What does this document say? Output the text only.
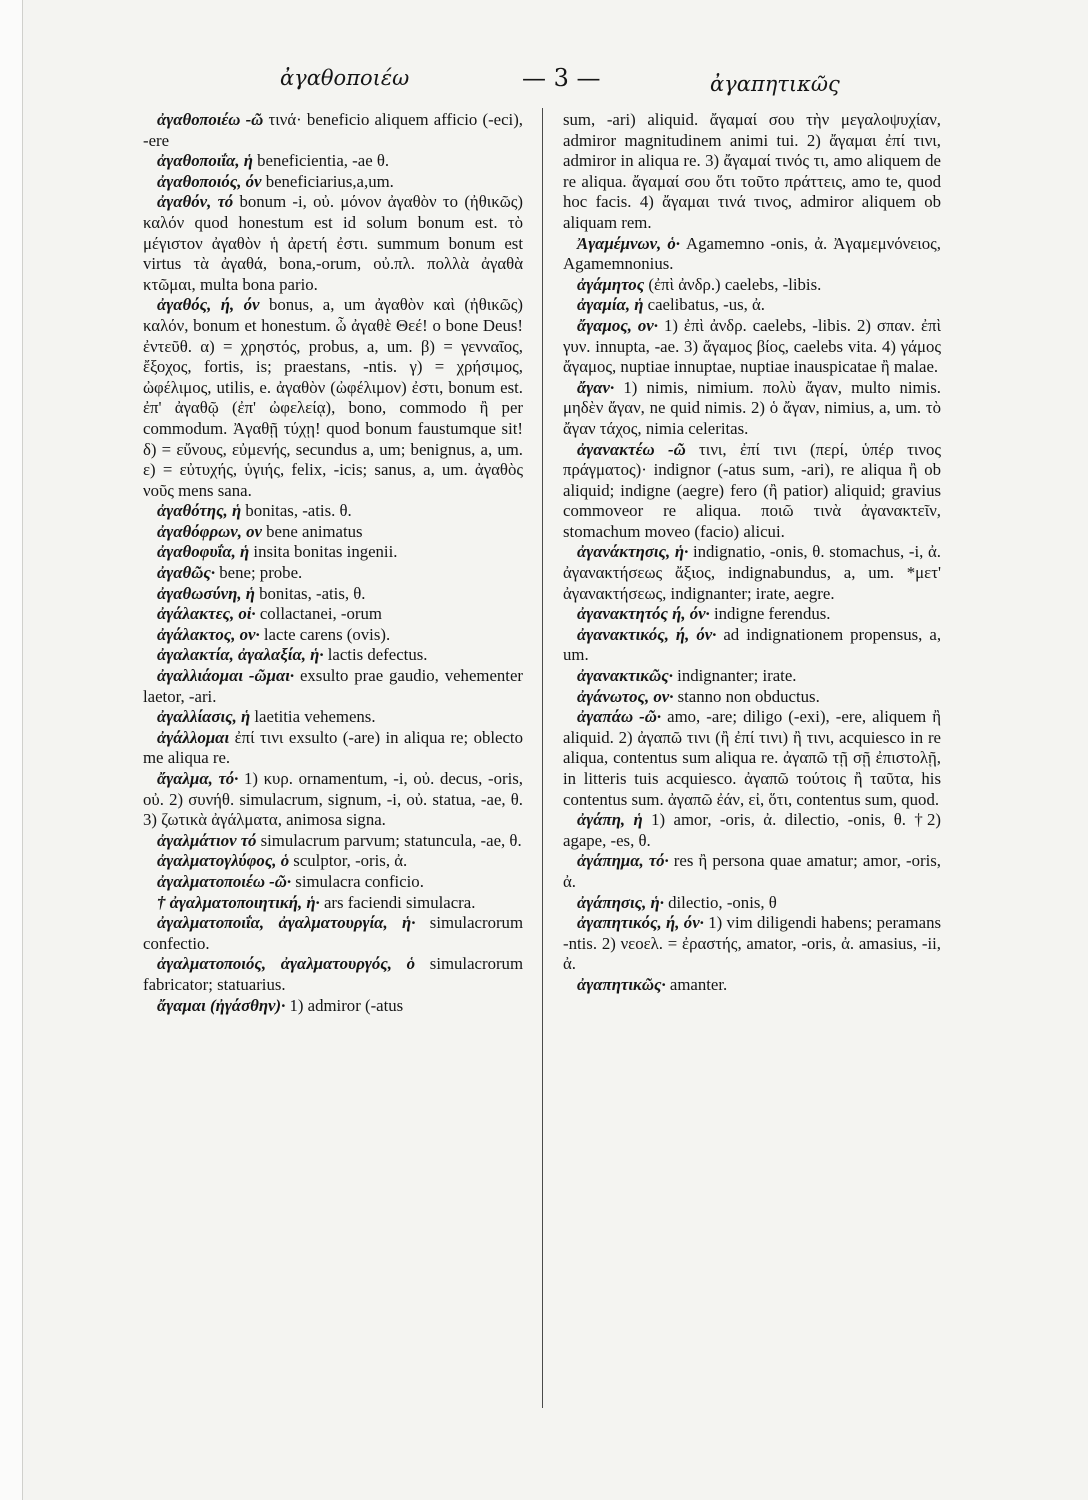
ἀγαθοποιέω	— 3 —	ἀγαπητικῶς

ἀγαθοποιέω -ῶ τινά· beneficio aliquem afficio (-eci), -ere

ἀγαθοποιΐα, ἡ beneficientia, -ae θ.

ἀγαθοποιός, όν beneficiarius,a,um.

ἀγαθόν, τό bonum -i, οὐ. μόνον ἀγαθὸν το (ἠθικῶς) καλόν quod honestum est id solum bonum est. τὸ μέγιστον ἀγαθὸν ἡ ἀρετή ἐστι. summum bonum est virtus τὰ ἀγαθά, bona,-orum, οὐ.πλ. πολλὰ ἀγαθὰ κτῶμαι, multa bona pario.

ἀγαθός, ή, όν bonus, a, um ἀγαθὸν καὶ (ἠθικῶς) καλόν, bonum et honestum. ὦ ἀγαθὲ Θεέ! o bone Deus! ἐντεῦθ. α) = χρηστός, probus, a, um. β) = γενναῖος, ἔξοχος, fortis, is; praestans, -ntis. γ) = χρήσιμος, ὠφέλιμος, utilis, e. ἀγαθὸν (ὠφέλιμον) ἐστι, bonum est. ἐπ' ἀγαθῷ (ἐπ' ὠφελείᾳ), bono, commodo ἢ per commodum. Ἀγαθῇ τύχῃ! quod bonum faustumque sit! δ) = εὔνους, εὐμενής, secundus a, um; benignus, a, um. ε) = εὐτυχής, ὑγιής, felix, -icis; sanus, a, um. ἀγαθὸς νοῦς mens sana.

ἀγαθότης, ἡ bonitas, -atis. θ.

ἀγαθόφρων, ον bene animatus

ἀγαθοφυΐα, ἡ insita bonitas ingenii.

ἀγαθῶς· bene; probe.

ἀγαθωσύνη, ἡ bonitas, -atis, θ.

ἀγάλακτες, οἱ· collactanei, -orum

ἀγάλακτος, ον· lacte carens (ovis).

ἀγαλακτία, ἀγαλαξία, ἡ· lactis defectus.

ἀγαλλιάομαι -ῶμαι· exsulto prae gaudio, vehementer laetor, -ari.

ἀγαλλίασις, ἡ laetitia vehemens.

ἀγάλλομαι ἐπί τινι exsulto (-are) in aliqua re; oblecto me aliqua re.

ἄγαλμα, τό· 1) κυρ. ornamentum, -i, οὐ. decus, -oris, οὐ. 2) συνήθ. simulacrum, signum, -i, οὐ. statua, -ae, θ. 3) ζωτικὰ ἀγάλματα, animosa signa.

ἀγαλμάτιον τό simulacrum parvum; statuncula, -ae, θ.

ἀγαλματογλύφος, ὁ sculptor, -oris, ἀ.

ἀγαλματοποιέω -ῶ· simulacra conficio.

† ἀγαλματοποιητική, ἡ· ars faciendi simulacra.

ἀγαλματοποιΐα, ἀγαλματουργία, ἡ· simulacrorum confectio.

ἀγαλματοποιός, ἀγαλματουργός, ὁ simulacrorum fabricator; statuarius.

ἄγαμαι (ἠγάσθην)· 1) admiror (-atus

sum, -ari) aliquid. ἄγαμαί σου τὴν μεγαλοψυχίαν, admiror magnitudinem animi tui. 2) ἄγαμαι ἐπί τινι, admiror in aliqua re. 3) ἄγαμαί τινός τι, amo aliquem de re aliqua. ἄγαμαί σου ὅτι τοῦτο πράττεις, amo te, quod hoc facis. 4) ἄγαμαι τινά τινος, admiror aliquem ob aliquam rem.

Ἀγαμέμνων, ὁ· Agamemno -onis, ἀ. Ἀγαμεμνόνειος, Agamemnonius.

ἀγάμητος (ἐπὶ ἀνδρ.) caelebs, -libis.

ἀγαμία, ἡ caelibatus, -us, ἀ.

ἄγαμος, ον· 1) ἐπὶ ἀνδρ. caelebs, -libis. 2) σπαν. ἐπὶ γυν. innupta, -ae. 3) ἄγαμος βίος, caelebs vita. 4) γάμος ἄγαμος, nuptiae innuptae, nuptiae inauspicatae ἢ malae.

ἄγαν· 1) nimis, nimium. πολὺ ἄγαν, multo nimis. μηδὲν ἄγαν, ne quid nimis. 2) ὁ ἄγαν, nimius, a, um. τὸ ἄγαν τάχος, nimia celeritas.

ἀγανακτέω -ῶ τινι, ἐπί τινι (περί, ὑπέρ τινος πράγματος)· indignor (-atus sum, -ari), re aliqua ἢ ob aliquid; indigne (aegre) fero (ἢ patior) aliquid; gravius commoveor re aliqua. ποιῶ τινὰ ἀγανακτεῖν, stomachum moveo (facio) alicui.

ἀγανάκτησις, ἡ· indignatio, -onis, θ. stomachus, -i, ἀ. ἀγανακτήσεως ἄξιος, indignabundus, a, um. *μετ' ἀγανακτήσεως, indignanter; irate, aegre.

ἀγανακτητός ή, όν· indigne ferendus.

ἀγανακτικός, ή, όν· ad indignationem propensus, a, um.

ἀγανακτικῶς· indignanter; irate.

ἀγάνωτος, ον· stanno non obductus.

ἀγαπάω -ῶ· amo, -are; diligo (-exi), -ere, aliquem ἢ aliquid. 2) ἀγαπῶ τινι (ἢ ἐπί τινι) ἢ τινι, acquiesco in re aliqua, contentus sum aliqua re. ἀγαπῶ τῇ σῇ ἐπιστολῇ, in litteris tuis acquiesco. ἀγαπῶ τούτοις ἢ ταῦτα, his contentus sum. ἀγαπῶ ἐάν, εἰ, ὅτι, contentus sum, quod.

ἀγάπη, ἡ 1) amor, -oris, ἀ. dilectio, -onis, θ. †2) agape, -es, θ.

ἀγάπημα, τό· res ἢ persona quae amatur; amor, -oris, ἀ.

ἀγάπησις, ἡ· dilectio, -onis, θ

ἀγαπητικός, ή, όν· 1) vim diligendi habens; peramans -ntis. 2) νεοελ. = ἐραστής, amator, -oris, ἀ. amasius, -ii, ἀ.

ἀγαπητικῶς· amanter.
